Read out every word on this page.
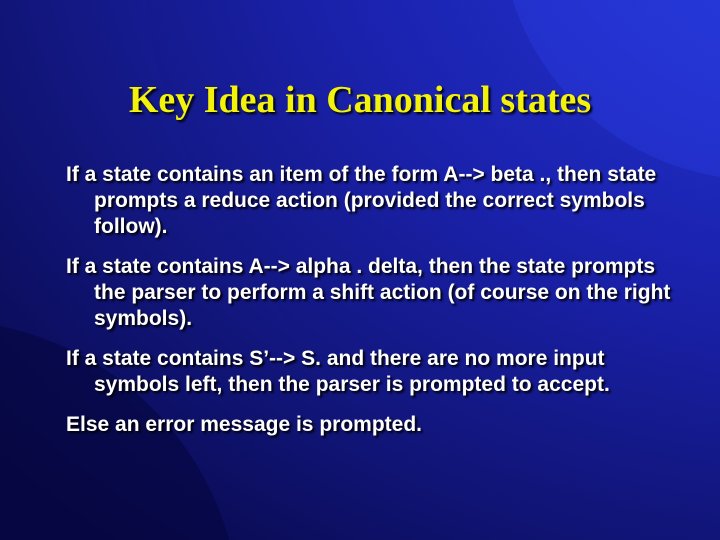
Key Idea in Canonical states
If a state contains an item of the form A--> beta ., then state prompts a reduce action (provided the correct symbols follow).
If a state contains A--> alpha . delta, then the state prompts the parser to perform a shift action (of course on the right symbols).
If a state contains S’--> S. and there are no more input symbols left, then the parser is prompted to accept.
Else an error message is prompted.
